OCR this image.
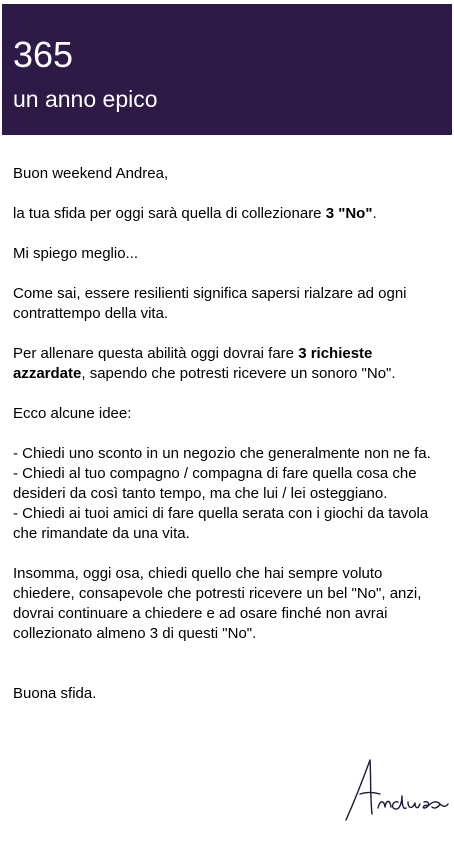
365
un anno epico

Buon weekend Andrea,

la tua sfida per oggi sarà quella di collezionare 3 "No".

Mi spiego meglio...

Come sai, essere resilienti significa sapersi rialzare ad ogni contrattempo della vita.

Per allenare questa abilità oggi dovrai fare 3 richieste azzardate, sapendo che potresti ricevere un sonoro "No".

Ecco alcune idee:

- Chiedi uno sconto in un negozio che generalmente non ne fa.
- Chiedi al tuo compagno / compagna di fare quella cosa che desideri da così tanto tempo, ma che lui / lei osteggiano.
- Chiedi ai tuoi amici di fare quella serata con i giochi da tavola che rimandate da una vita.

Insomma, oggi osa, chiedi quello che hai sempre voluto chiedere, consapevole che potresti ricevere un bel "No", anzi, dovrai continuare a chiedere e ad osare finché non avrai collezionato almeno 3 di questi "No".

Buona sfida.
